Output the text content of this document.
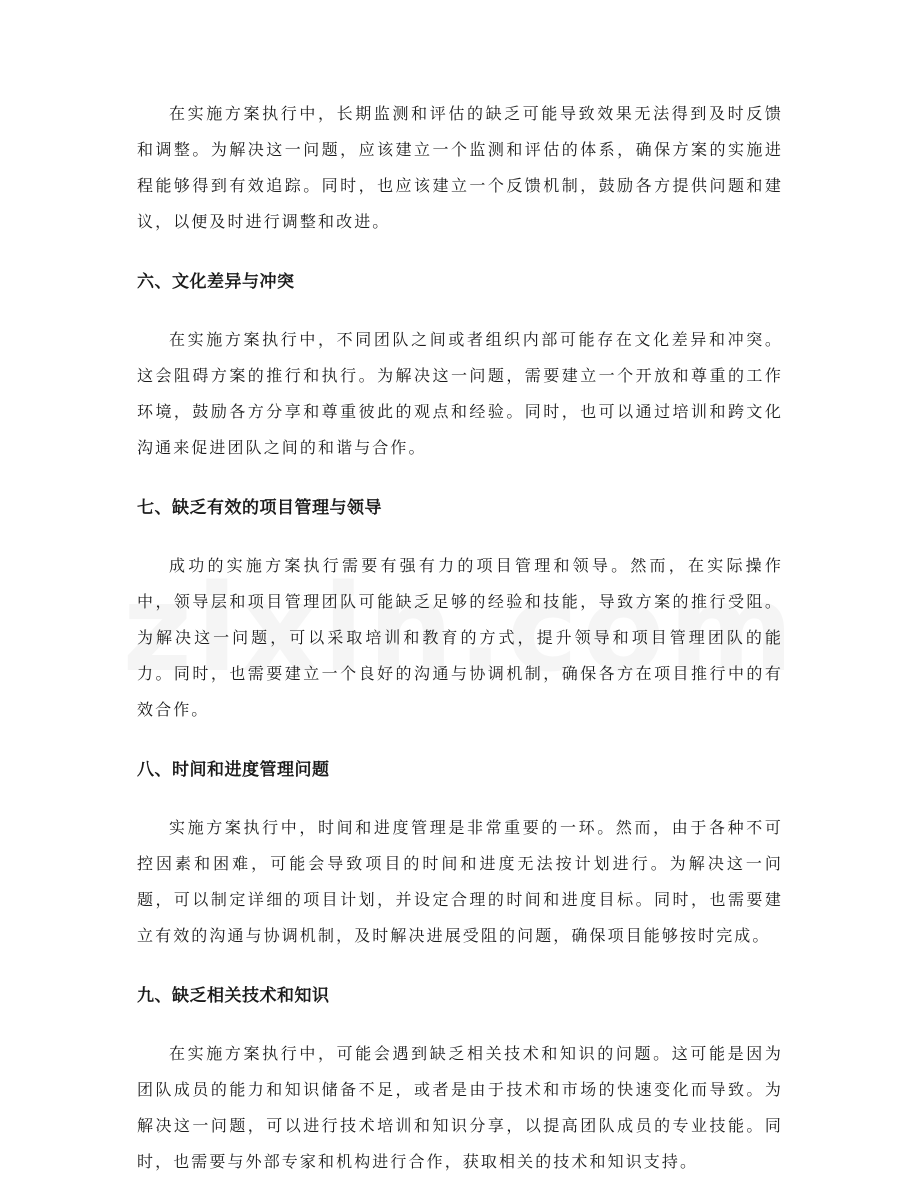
在实施方案执行中，长期监测和评估的缺乏可能导致效果无法得到及时反馈和调整。为解决这一问题，应该建立一个监测和评估的体系，确保方案的实施进程能够得到有效追踪。同时，也应该建立一个反馈机制，鼓励各方提供问题和建议，以便及时进行调整和改进。

六、文化差异与冲突

在实施方案执行中，不同团队之间或者组织内部可能存在文化差异和冲突。这会阻碍方案的推行和执行。为解决这一问题，需要建立一个开放和尊重的工作环境，鼓励各方分享和尊重彼此的观点和经验。同时，也可以通过培训和跨文化沟通来促进团队之间的和谐与合作。

七、缺乏有效的项目管理与领导

成功的实施方案执行需要有强有力的项目管理和领导。然而，在实际操作中，领导层和项目管理团队可能缺乏足够的经验和技能，导致方案的推行受阻。为解决这一问题，可以采取培训和教育的方式，提升领导和项目管理团队的能力。同时，也需要建立一个良好的沟通与协调机制，确保各方在项目推行中的有效合作。

八、时间和进度管理问题

实施方案执行中，时间和进度管理是非常重要的一环。然而，由于各种不可控因素和困难，可能会导致项目的时间和进度无法按计划进行。为解决这一问题，可以制定详细的项目计划，并设定合理的时间和进度目标。同时，也需要建立有效的沟通与协调机制，及时解决进展受阻的问题，确保项目能够按时完成。

九、缺乏相关技术和知识

在实施方案执行中，可能会遇到缺乏相关技术和知识的问题。这可能是因为团队成员的能力和知识储备不足，或者是由于技术和市场的快速变化而导致。为解决这一问题，可以进行技术培训和知识分享，以提高团队成员的专业技能。同时，也需要与外部专家和机构进行合作，获取相关的技术和知识支持。
